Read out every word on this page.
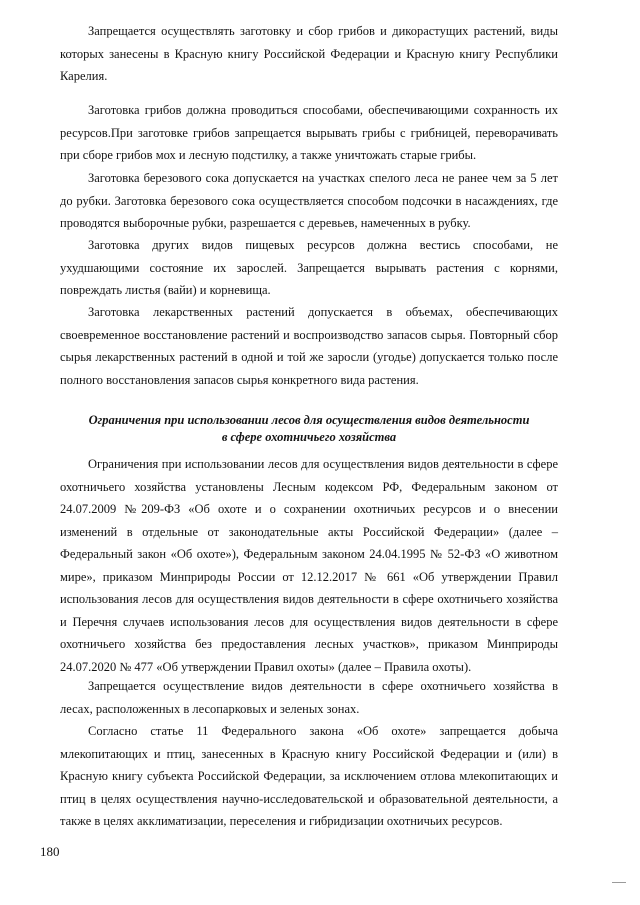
Запрещается осуществлять заготовку и сбор грибов и дикорастущих растений, виды которых занесены в Красную книгу Российской Федерации и Красную книгу Республики Карелия.

Заготовка грибов должна проводиться способами, обеспечивающими сохранность их ресурсов.При заготовке грибов запрещается вырывать грибы с грибницей, переворачивать при сборе грибов мох и лесную подстилку, а также уничтожать старые грибы.

Заготовка березового сока допускается на участках спелого леса не ранее чем за 5 лет до рубки. Заготовка березового сока осуществляется способом подсочки в насаждениях, где проводятся выборочные рубки, разрешается с деревьев, намеченных в рубку.

Заготовка других видов пищевых ресурсов должна вестись способами, не ухудшающими состояние их зарослей. Запрещается вырывать растения с корнями, повреждать листья (вайи) и корневища.

Заготовка лекарственных растений допускается в объемах, обеспечивающих своевременное восстановление растений и воспроизводство запасов сырья. Повторный сбор сырья лекарственных растений в одной и той же заросли (угодье) допускается только после полного восстановления запасов сырья конкретного вида растения.

Ограничения при использовании лесов для осуществления видов деятельности
в сфере охотничьего хозяйства

Ограничения при использовании лесов для осуществления видов деятельности в сфере охотничьего хозяйства установлены Лесным кодексом РФ, Федеральным законом от 24.07.2009 №209-ФЗ «Об охоте и о сохранении охотничьих ресурсов и о внесении изменений в отдельные от законодательные акты Российской Федерации» (далее – Федеральный закон «Об охоте»), Федеральным законом 24.04.1995 № 52-ФЗ «О животном мире», приказом Минприроды России от 12.12.2017 № 661 «Об утверждении Правил использования лесов для осуществления видов деятельности в сфере охотничьего хозяйства и Перечня случаев использования лесов для осуществления видов деятельности в сфере охотничьего хозяйства без предоставления лесных участков», приказом Минприроды 24.07.2020 № 477 «Об утверждении Правил охоты» (далее – Правила охоты).

Запрещается осуществление видов деятельности в сфере охотничьего хозяйства в лесах, расположенных в лесопарковых и зеленых зонах.

Согласно статье 11 Федерального закона «Об охоте» запрещается добыча млекопитающих и птиц, занесенных в Красную книгу Российской Федерации и (или) в Красную книгу субъекта Российской Федерации, за исключением отлова млекопитающих и птиц в целях осуществления научно-исследовательской и образовательной деятельности, а также в целях акклиматизации, переселения и гибридизации охотничьих ресурсов.

180
